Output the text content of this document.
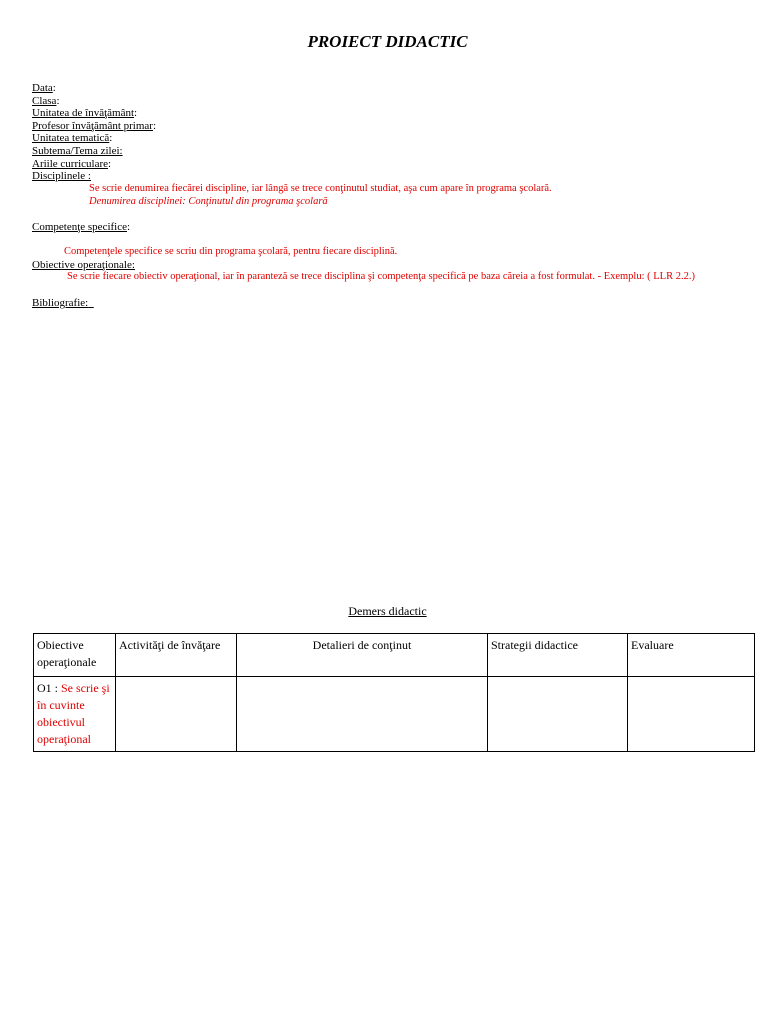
PROIECT DIDACTIC
Data:
Clasa:
Unitatea de învăţământ:
Profesor învăţământ primar:
Unitatea tematică:
Subtema/Tema zilei:
Ariile curriculare:
Disciplinele :
Se scrie denumirea fiecărei discipline, iar lângă se trece conţinutul studiat, aşa cum apare în programa şcolară.
Denumirea disciplinei: Conţinutul din programa şcolară
Competenţe specifice:
Competenţele specifice se scriu din programa şcolară, pentru fiecare disciplină.
Obiective operaţionale:
Se scrie fiecare obiectiv operaţional, iar în paranteză se trece disciplina şi competenţa specifică pe baza căreia a fost formulat. - Exemplu: ( LLR 2.2.)
Bibliografie:
Demers didactic
Obiective operaţionale	Activităţi de învăţare	Detalieri de conţinut	Strategii didactice	Evaluare
O1 : Se scrie şi în cuvinte obiectivul operaţional				
